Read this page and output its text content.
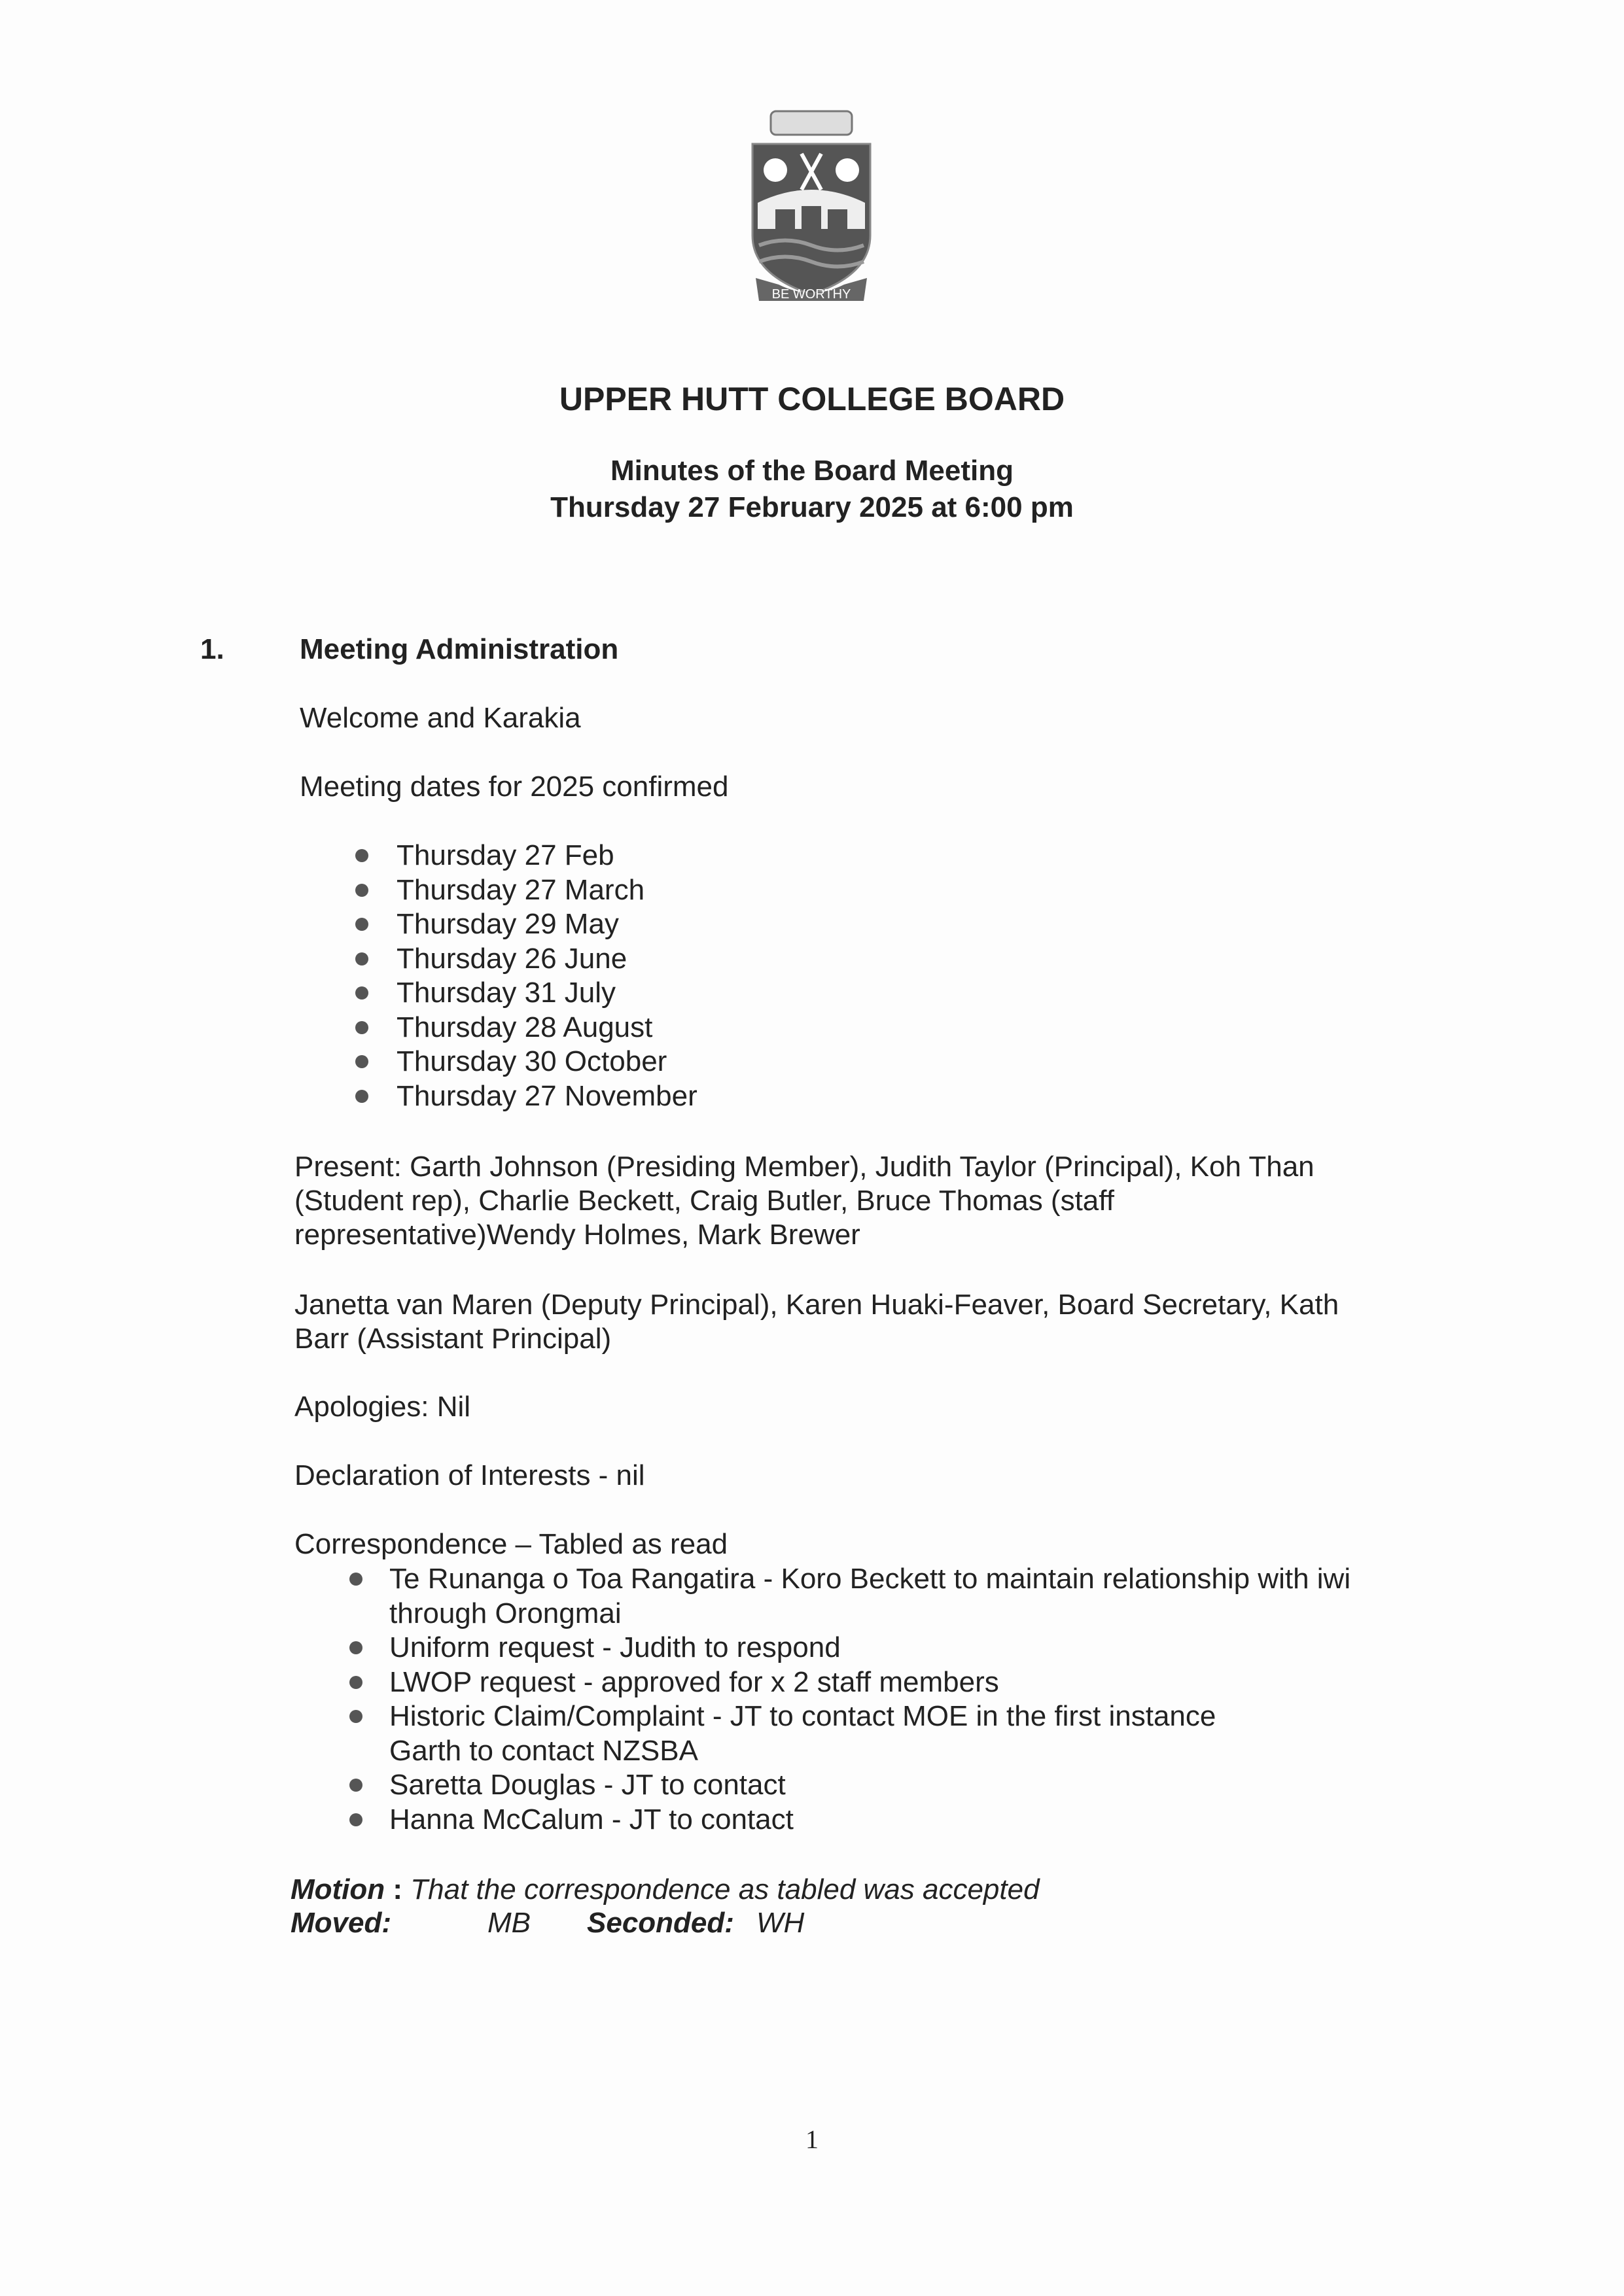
BE WORTHY
UPPER HUTT COLLEGE BOARD
Minutes of the Board Meeting
Thursday 27 February 2025 at 6:00 pm
1.	Meeting Administration
Welcome and Karakia
Meeting dates for 2025 confirmed
Thursday 27 Feb
Thursday 27 March
Thursday 29 May
Thursday 26 June
Thursday 31 July
Thursday 28 August
Thursday 30 October
Thursday 27 November
Present: Garth Johnson (Presiding Member), Judith Taylor (Principal), Koh Than
(Student rep), Charlie Beckett, Craig Butler, Bruce Thomas (staff
representative)Wendy Holmes, Mark Brewer
Janetta van Maren (Deputy Principal), Karen Huaki-Feaver, Board Secretary, Kath
Barr (Assistant Principal)
Apologies: Nil
Declaration of Interests - nil
Correspondence – Tabled as read
Te Runanga o Toa Rangatira - Koro Beckett to maintain relationship with iwi
through Orongmai
Uniform request - Judith to respond
LWOP request - approved for x 2 staff members
Historic Claim/Complaint - JT to contact MOE in the first instance
Garth to contact NZSBA
Saretta Douglas - JT to contact
Hanna McCalum - JT to contact
Motion : That the correspondence as tabled was accepted
Moved:	MB Seconded: WH
1
